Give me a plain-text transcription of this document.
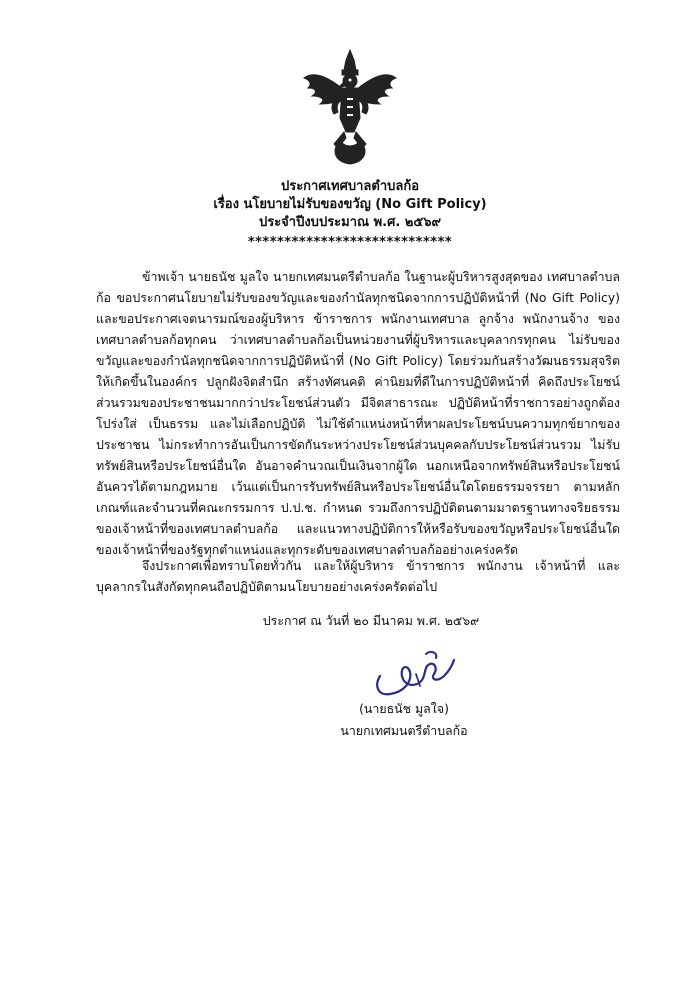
ประกาศเทศบาลตำบลก้อ
เรื่อง นโยบายไม่รับของขวัญ (No Gift Policy)
ประจำปีงบประมาณ พ.ศ. ๒๕๖๙
****************************
ข้าพเจ้า นายธนัช มูลใจ นายกเทศมนตรีตำบลก้อ ในฐานะผู้บริหารสูงสุดของ เทศบาลตำบลก้อ ขอประกาศนโยบายไม่รับของขวัญและของกำนัลทุกชนิดจากการปฏิบัติหน้าที่ (No Gift Policy) และขอประกาศเจตนารมณ์ของผู้บริหาร ข้าราชการ พนักงานเทศบาล ลูกจ้าง พนักงานจ้าง ของ เทศบาลตำบลก้อทุกคน ว่าเทศบาลตำบลก้อเป็นหน่วยงานที่ผู้บริหารและบุคลากรทุกคน ไม่รับของขวัญและของกำนัลทุกชนิดจากการปฏิบัติหน้าที่ (No Gift Policy) โดยร่วมกันสร้างวัฒนธรรมสุจริตให้เกิดขึ้นในองค์กร ปลูกฝังจิตสำนึก สร้างทัศนคติ ค่านิยมที่ดีในการปฏิบัติหน้าที่ คิดถึงประโยชน์ส่วนรวมของประชาชนมากกว่าประโยชน์ส่วนตัว มีจิตสาธารณะ ปฏิบัติหน้าที่ราชการอย่างถูกต้อง โปร่งใส่ เป็นธรรม และไม่เลือกปฏิบัติ ไม่ใช้ตำแหน่งหน้าที่หาผลประโยชน์บนความทุกข์ยากของประชาชน ไม่กระทำการอันเป็นการขัดกันระหว่างประโยชน์ส่วนบุคคลกับประโยชน์ส่วนรวม ไม่รับทรัพย์สินหรือประโยชน์อื่นใด อันอาจคำนวณเป็นเงินจากผู้ใด นอกเหนือจากทรัพย์สินหรือประโยชน์อันควรได้ตามกฎหมาย เว้นแต่เป็นการรับทรัพย์สินหรือประโยชน์อื่นใดโดยธรรมจรรยา ตามหลักเกณฑ์และจำนวนที่คณะกรรมการ ป.ป.ช. กำหนด รวมถึงการปฏิบัติตนตามมาตรฐานทางจริยธรรมของเจ้าหน้าที่ของเทศบาลตำบลก้อ และแนวทางปฏิบัติการให้หรือรับของขวัญหรือประโยชน์อื่นใดของเจ้าหน้าที่ของรัฐทุกตำแหน่งและทุกระดับของเทศบาลตำบลก้ออย่างเคร่งครัด
จึงประกาศเพื่อทราบโดยทั่วกัน และให้ผู้บริหาร ข้าราชการ พนักงาน เจ้าหน้าที่ และบุคลากรในสังกัดทุกคนถือปฏิบัติตามนโยบายอย่างเคร่งครัดต่อไป
ประกาศ ณ วันที่ ๒๐ มีนาคม พ.ศ. ๒๕๖๙
(นายธนัช มูลใจ)
นายกเทศมนตรีตำบลก้อ
